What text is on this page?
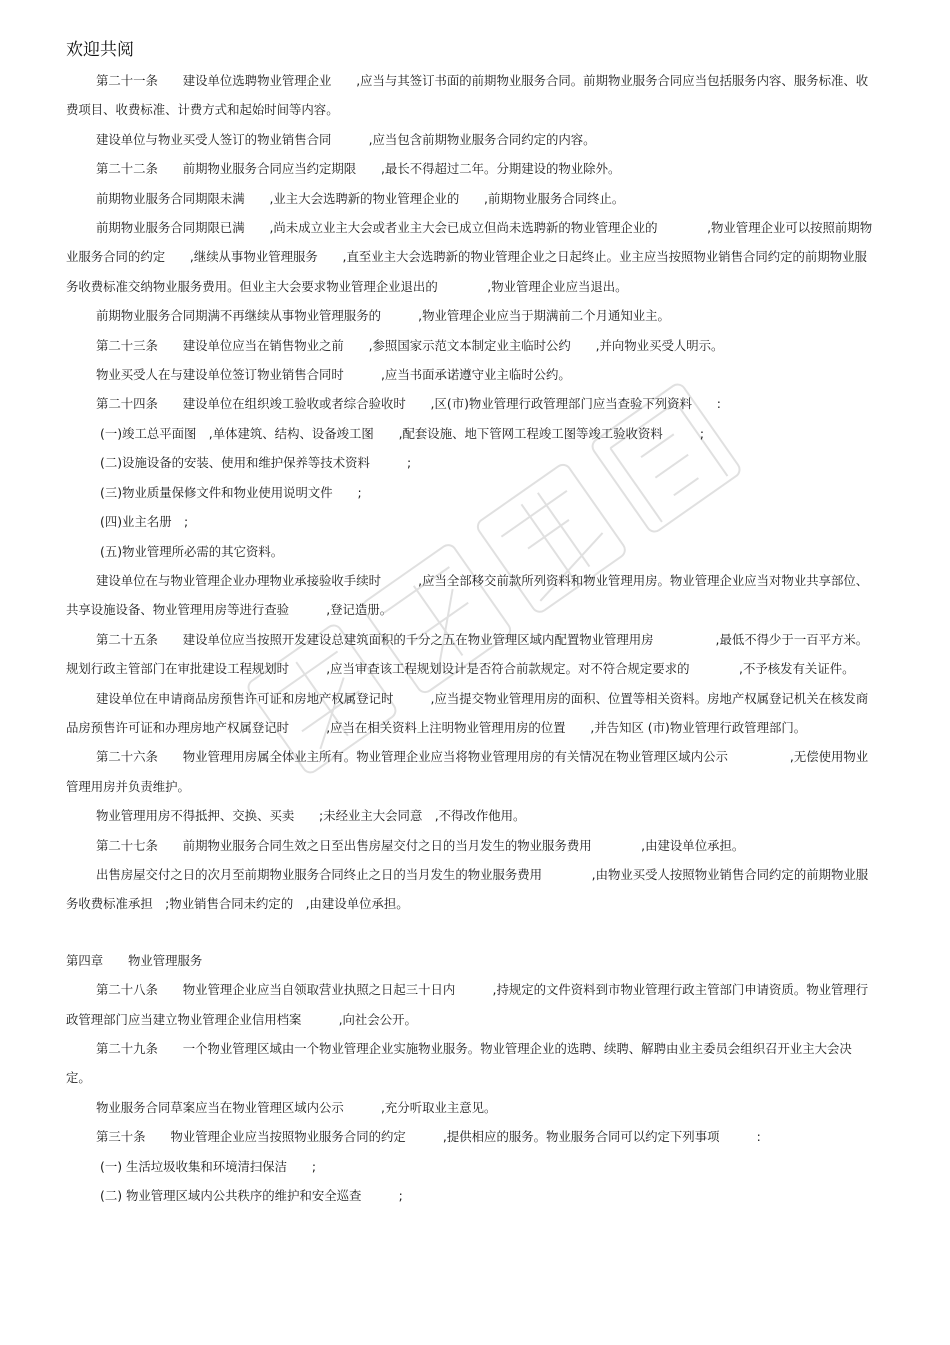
欢迎共阅

第二十一条　　建设单位选聘物业管理企业　　,应当与其签订书面的前期物业服务合同。前期物业服务合同应当包括服务内容、服务标准、收费项目、收费标准、计费方式和起始时间等内容。

建设单位与物业买受人签订的物业销售合同　　　,应当包含前期物业服务合同约定的内容。

第二十二条　　前期物业服务合同应当约定期限　　,最长不得超过二年。分期建设的物业除外。

前期物业服务合同期限未满　　,业主大会选聘新的物业管理企业的　　,前期物业服务合同终止。

前期物业服务合同期限已满　　,尚未成立业主大会或者业主大会已成立但尚未选聘新的物业管理企业的　　　　,物业管理企业可以按照前期物业服务合同的约定　　,继续从事物业管理服务　　,直至业主大会选聘新的物业管理企业之日起终止。业主应当按照物业销售合同约定的前期物业服务收费标准交纳物业服务费用。但业主大会要求物业管理企业退出的　　　　,物业管理企业应当退出。

前期物业服务合同期满不再继续从事物业管理服务的　　　,物业管理企业应当于期满前二个月通知业主。

第二十三条　　建设单位应当在销售物业之前　　,参照国家示范文本制定业主临时公约　　,并向物业买受人明示。

物业买受人在与建设单位签订物业销售合同时　　　,应当书面承诺遵守业主临时公约。

第二十四条　　建设单位在组织竣工验收或者综合验收时　　,区(市)物业管理行政管理部门应当查验下列资料　　:

(一)竣工总平面图　,单体建筑、结构、设备竣工图　　,配套设施、地下管网工程竣工图等竣工验收资料　　　;

(二)设施设备的安装、使用和维护保养等技术资料　　　;

(三)物业质量保修文件和物业使用说明文件　　;

(四)业主名册　;

(五)物业管理所必需的其它资料。

建设单位在与物业管理企业办理物业承接验收手续时　　　,应当全部移交前款所列资料和物业管理用房。物业管理企业应当对物业共享部位、共享设施设备、物业管理用房等进行查验　　　,登记造册。

第二十五条　　建设单位应当按照开发建设总建筑面积的千分之五在物业管理区域内配置物业管理用房　　　　　,最低不得少于一百平方米。规划行政主管部门在审批建设工程规划时　　　,应当审查该工程规划设计是否符合前款规定。对不符合规定要求的　　　　,不予核发有关证件。

建设单位在申请商品房预售许可证和房地产权属登记时　　　,应当提交物业管理用房的面积、位置等相关资料。房地产权属登记机关在核发商品房预售许可证和办理房地产权属登记时　　　,应当在相关资料上注明物业管理用房的位置　　,并告知区 (市)物业管理行政管理部门。

第二十六条　　物业管理用房属全体业主所有。物业管理企业应当将物业管理用房的有关情况在物业管理区域内公示　　　　　,无偿使用物业管理用房并负责维护。

物业管理用房不得抵押、交换、买卖　　;未经业主大会同意　,不得改作他用。

第二十七条　　前期物业服务合同生效之日至出售房屋交付之日的当月发生的物业服务费用　　　　,由建设单位承担。

出售房屋交付之日的次月至前期物业服务合同终止之日的当月发生的物业服务费用　　　　,由物业买受人按照物业销售合同约定的前期物业服务收费标准承担　;物业销售合同未约定的　,由建设单位承担。

第四章　　物业管理服务

第二十八条　　物业管理企业应当自领取营业执照之日起三十日内　　　,持规定的文件资料到市物业管理行政主管部门申请资质。物业管理行政管理部门应当建立物业管理企业信用档案　　　,向社会公开。

第二十九条　　一个物业管理区域由一个物业管理企业实施物业服务。物业管理企业的选聘、续聘、解聘由业主委员会组织召开业主大会决定。

物业服务合同草案应当在物业管理区域内公示　　　,充分听取业主意见。

第三十条　　物业管理企业应当按照物业服务合同的约定　　　,提供相应的服务。物业服务合同可以约定下列事项　　　:

(一) 生活垃圾收集和环境清扫保洁　　;

(二) 物业管理区域内公共秩序的维护和安全巡查　　　;
